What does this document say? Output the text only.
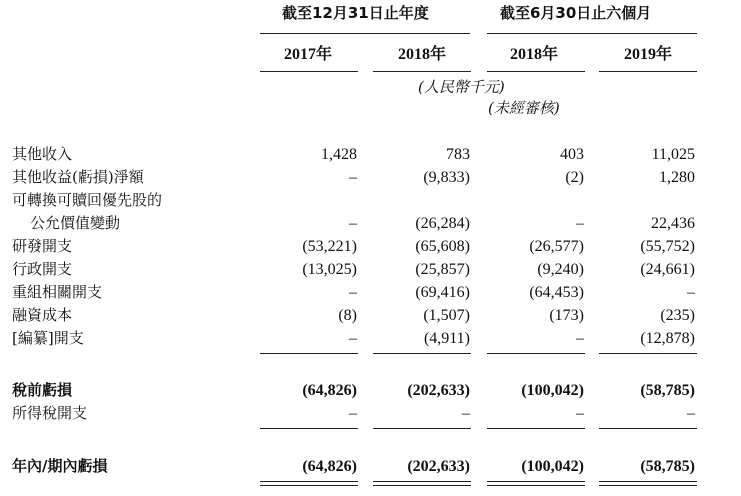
截至12月31日止年度	截至6月30日止六個月
2017年	2018年	2018年	2019年
(人民幣千元)
(未經審核)
其他收入	1,428	783	403	11,025
其他收益(虧損)淨額	–	(9,833)	(2)	1,280
可轉換可贖回優先股的
公允價值變動	–	(26,284)	–	22,436
研發開支	(53,221)	(65,608)	(26,577)	(55,752)
行政開支	(13,025)	(25,857)	(9,240)	(24,661)
重組相關開支	–	(69,416)	(64,453)	–
融資成本	(8)	(1,507)	(173)	(235)
[編纂]開支	–	(4,911)	–	(12,878)
稅前虧損	(64,826)	(202,633)	(100,042)	(58,785)
所得稅開支	–	–	–	–
年內/期內虧損	(64,826)	(202,633)	(100,042)	(58,785)
